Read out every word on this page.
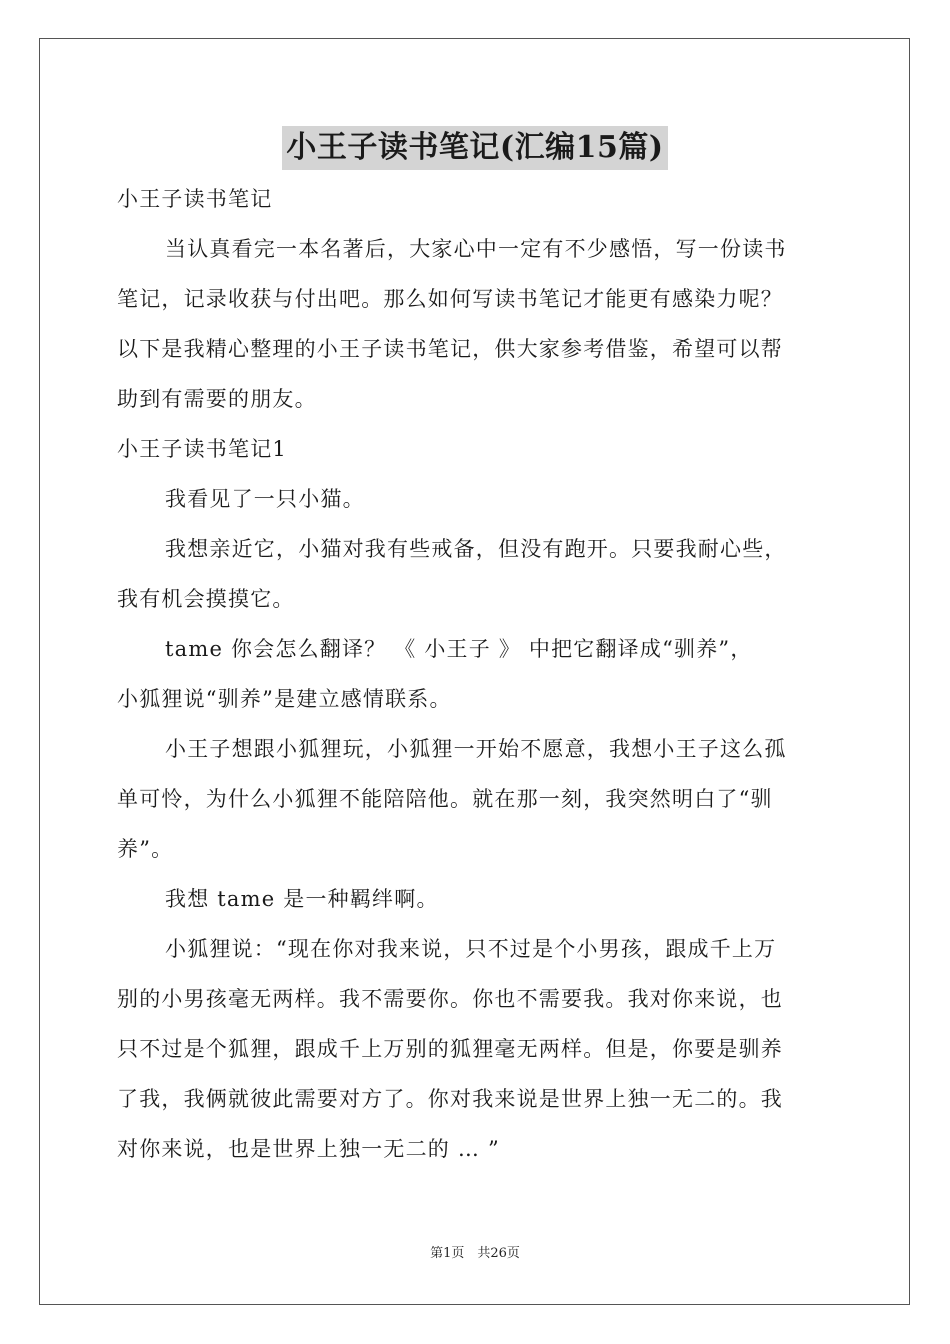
小王子读书笔记(汇编15篇)
小王子读书笔记
当认真看完一本名著后，大家心中一定有不少感悟，写一份读书
笔记，记录收获与付出吧。那么如何写读书笔记才能更有感染力呢？
以下是我精心整理的小王子读书笔记，供大家参考借鉴，希望可以帮
助到有需要的朋友。
小王子读书笔记1
我看见了一只小猫。
我想亲近它，小猫对我有些戒备，但没有跑开。只要我耐心些，
我有机会摸摸它。
tame 你会怎么翻译？ 《 小王子 》 中把它翻译成“驯养”，
小狐狸说“驯养”是建立感情联系。
小王子想跟小狐狸玩，小狐狸一开始不愿意，我想小王子这么孤
单可怜，为什么小狐狸不能陪陪他。就在那一刻，我突然明白了“驯
养”。
我想 tame 是一种羁绊啊。
小狐狸说：“现在你对我来说，只不过是个小男孩，跟成千上万
别的小男孩毫无两样。我不需要你。你也不需要我。我对你来说，也
只不过是个狐狸，跟成千上万别的狐狸毫无两样。但是，你要是驯养
了我，我俩就彼此需要对方了。你对我来说是世界上独一无二的。我
对你来说，也是世界上独一无二的 … ”
第1页　共26页
